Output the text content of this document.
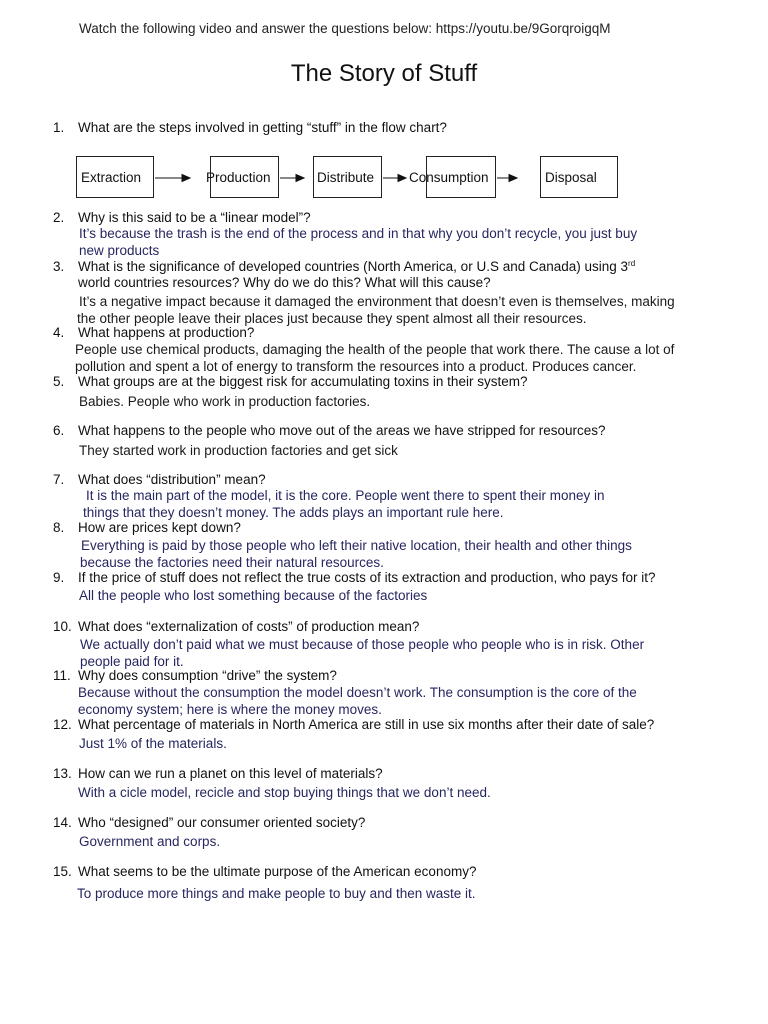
Watch the following video and answer the questions below: https://youtu.be/9GorqroigqM
The Story of Stuff
1. What are the steps involved in getting “stuff” in the flow chart?
Extraction	Production	Distribute	Consumption	Disposal
2. Why is this said to be a “linear model”?
It’s because the trash is the end of the process and in that why you don’t recycle, you just buy
new products
3. What is the significance of developed countries (North America, or U.S and Canada) using 3rd
world countries resources? Why do we do this? What will this cause?
It’s a negative impact because it damaged the environment that doesn’t even is themselves, making
the other people leave their places just because they spent almost all their resources.
4. What happens at production?
People use chemical products, damaging the health of the people that work there. The cause a lot of
pollution and spent a lot of energy to transform the resources into a product. Produces cancer.
5. What groups are at the biggest risk for accumulating toxins in their system?
Babies. People who work in production factories.
6. What happens to the people who move out of the areas we have stripped for resources?
They started work in production factories and get sick
7. What does “distribution” mean?
It is the main part of the model, it is the core. People went there to spent their money in
things that they doesn’t money. The adds plays an important rule here.
8. How are prices kept down?
Everything is paid by those people who left their native location, their health and other things
because the factories need their natural resources.
9. If the price of stuff does not reflect the true costs of its extraction and production, who pays for it?
All the people who lost something because of the factories
10. What does “externalization of costs” of production mean?
We actually don’t paid what we must because of those people who people who is in risk. Other
people paid for it.
11. Why does consumption “drive” the system?
Because without the consumption the model doesn’t work. The consumption is the core of the
economy system; here is where the money moves.
12. What percentage of materials in North America are still in use six months after their date of sale?
Just 1% of the materials.
13. How can we run a planet on this level of materials?
With a cicle model, recicle and stop buying things that we don’t need.
14. Who “designed” our consumer oriented society?
Government and corps.
15. What seems to be the ultimate purpose of the American economy?
To produce more things and make people to buy and then waste it.
